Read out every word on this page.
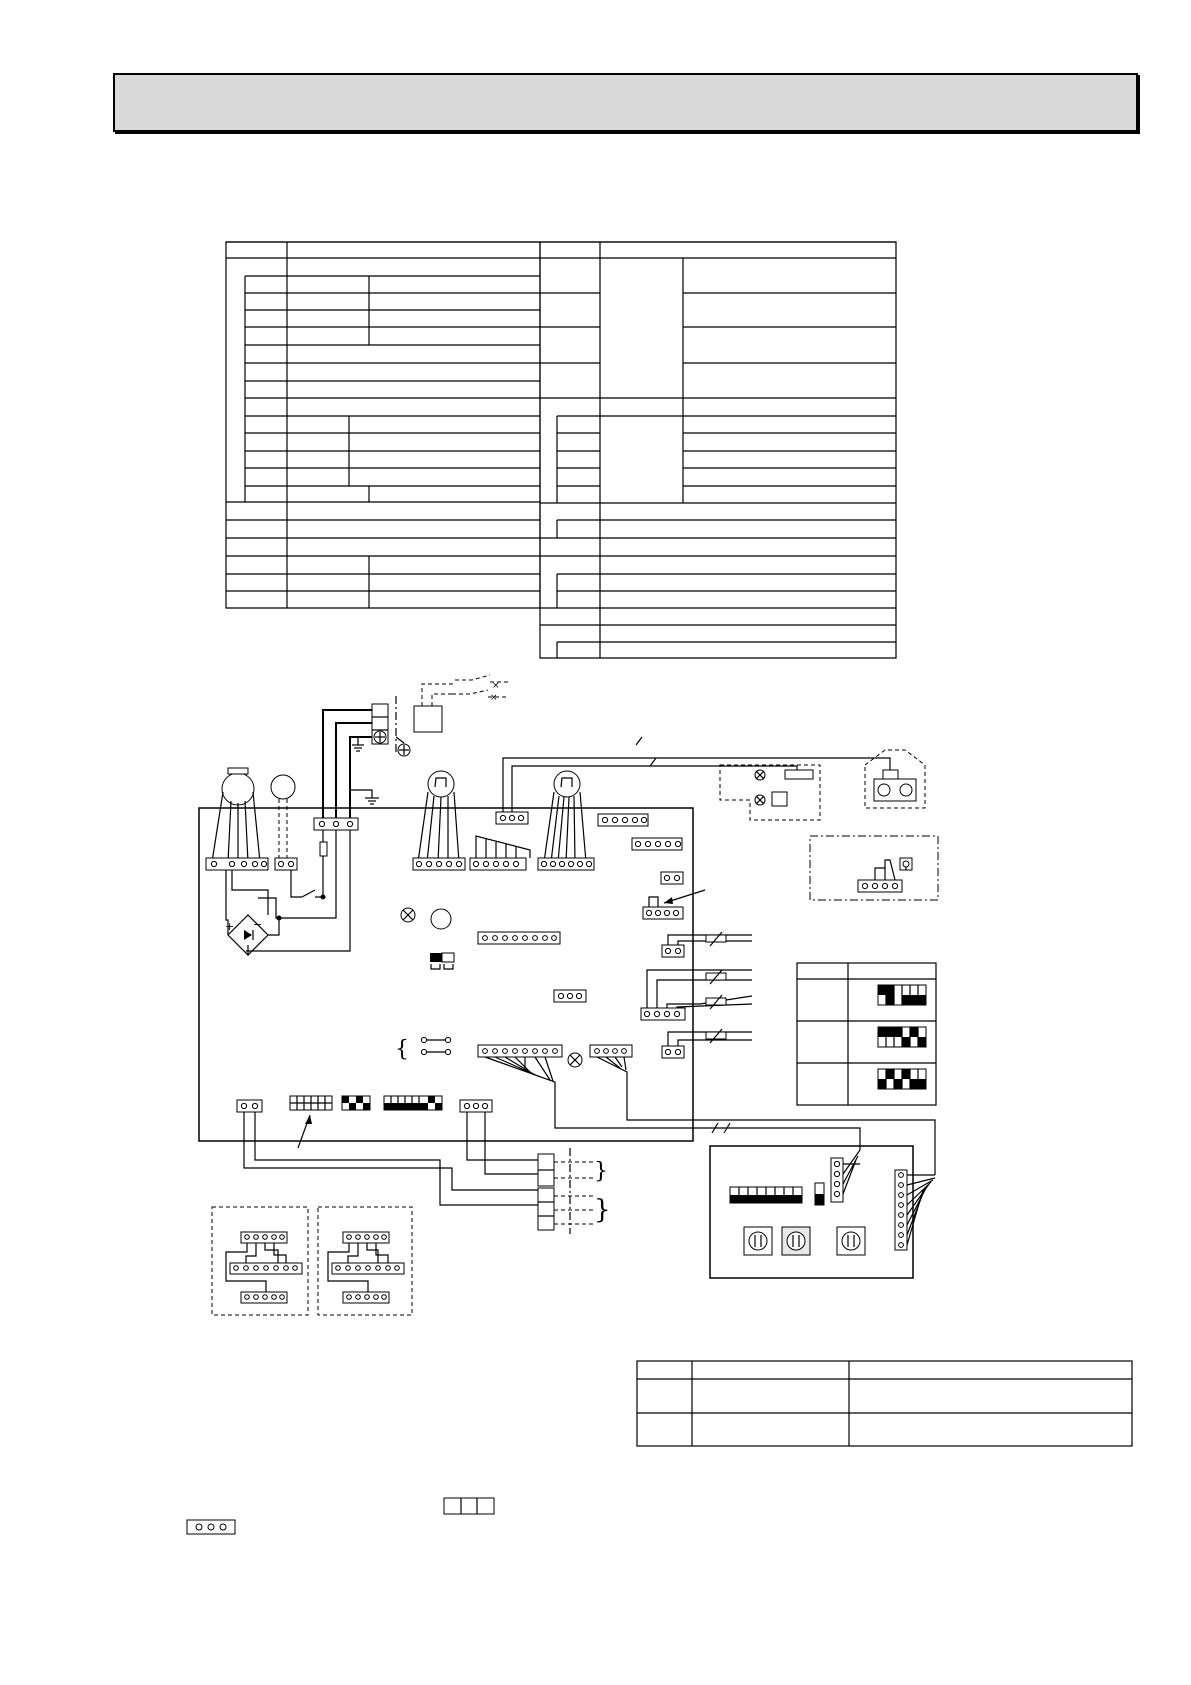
×
×
+ −
{
}
}
